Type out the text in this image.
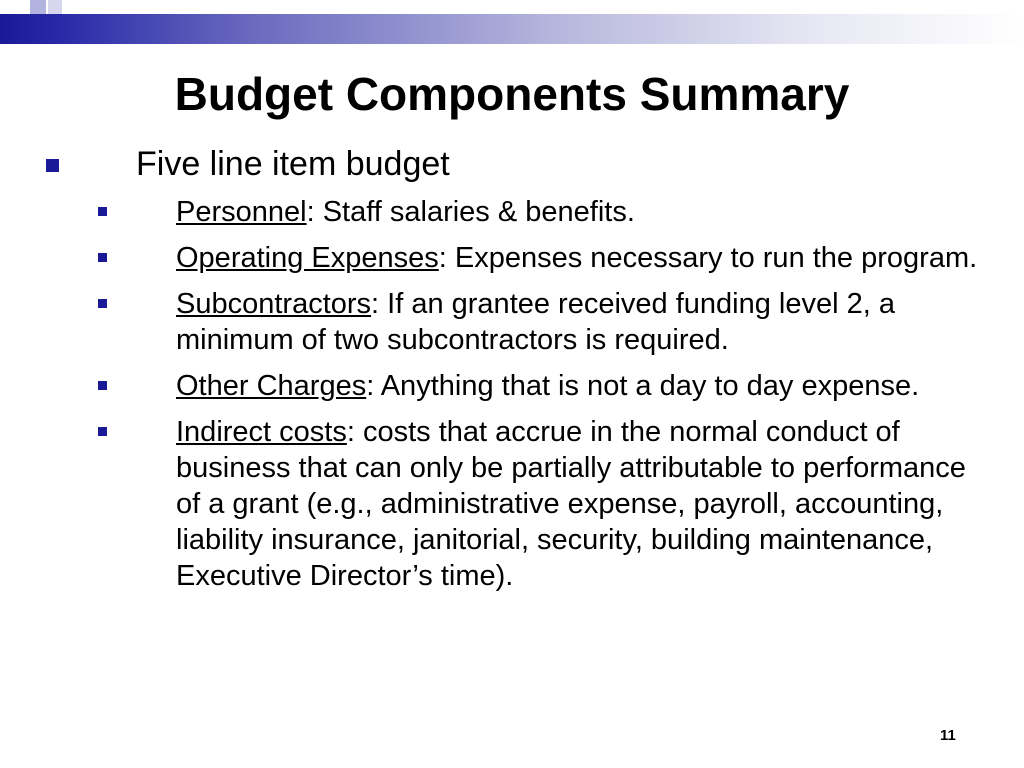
Budget Components Summary
Five line item budget
Personnel: Staff salaries & benefits.
Operating Expenses: Expenses necessary to run the program.
Subcontractors: If an grantee received funding level 2, a minimum of two subcontractors is required.
Other Charges: Anything that is not a day to day expense.
Indirect costs: costs that accrue in the normal conduct of business that can only be partially attributable to performance of a grant (e.g., administrative expense, payroll, accounting, liability insurance, janitorial, security, building maintenance, Executive Director’s time).
11
